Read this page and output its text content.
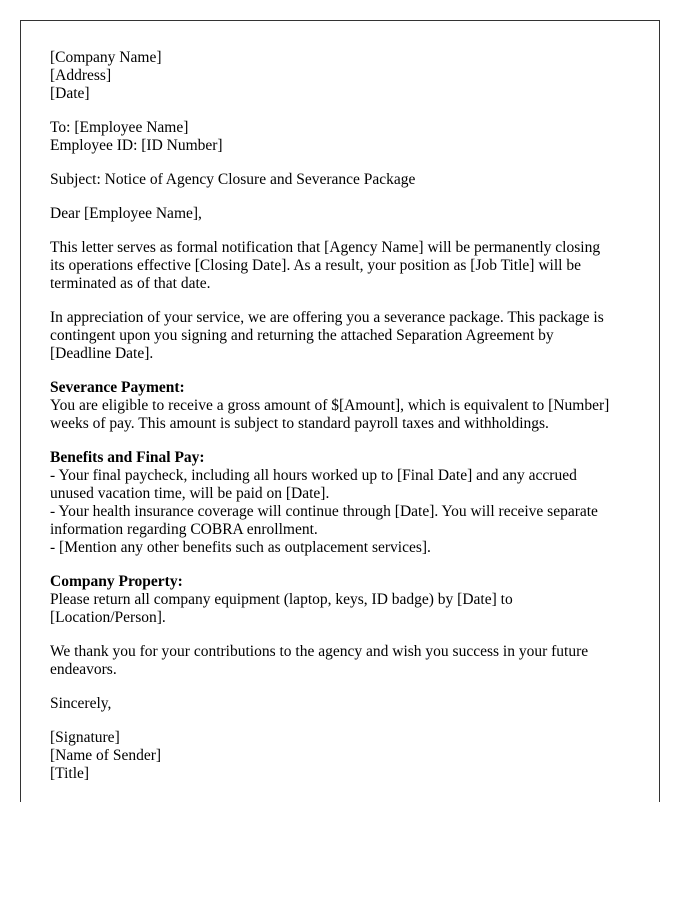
[Company Name]
[Address]
[Date]
To: [Employee Name]
Employee ID: [ID Number]
Subject: Notice of Agency Closure and Severance Package
Dear [Employee Name],
This letter serves as formal notification that [Agency Name] will be permanently closing
its operations effective [Closing Date]. As a result, your position as [Job Title] will be
terminated as of that date.
In appreciation of your service, we are offering you a severance package. This package is
contingent upon you signing and returning the attached Separation Agreement by
[Deadline Date].
Severance Payment:
You are eligible to receive a gross amount of $[Amount], which is equivalent to [Number]
weeks of pay. This amount is subject to standard payroll taxes and withholdings.
Benefits and Final Pay:
- Your final paycheck, including all hours worked up to [Final Date] and any accrued
unused vacation time, will be paid on [Date].
- Your health insurance coverage will continue through [Date]. You will receive separate
information regarding COBRA enrollment.
- [Mention any other benefits such as outplacement services].
Company Property:
Please return all company equipment (laptop, keys, ID badge) by [Date] to
[Location/Person].
We thank you for your contributions to the agency and wish you success in your future
endeavors.
Sincerely,
[Signature]
[Name of Sender]
[Title]
